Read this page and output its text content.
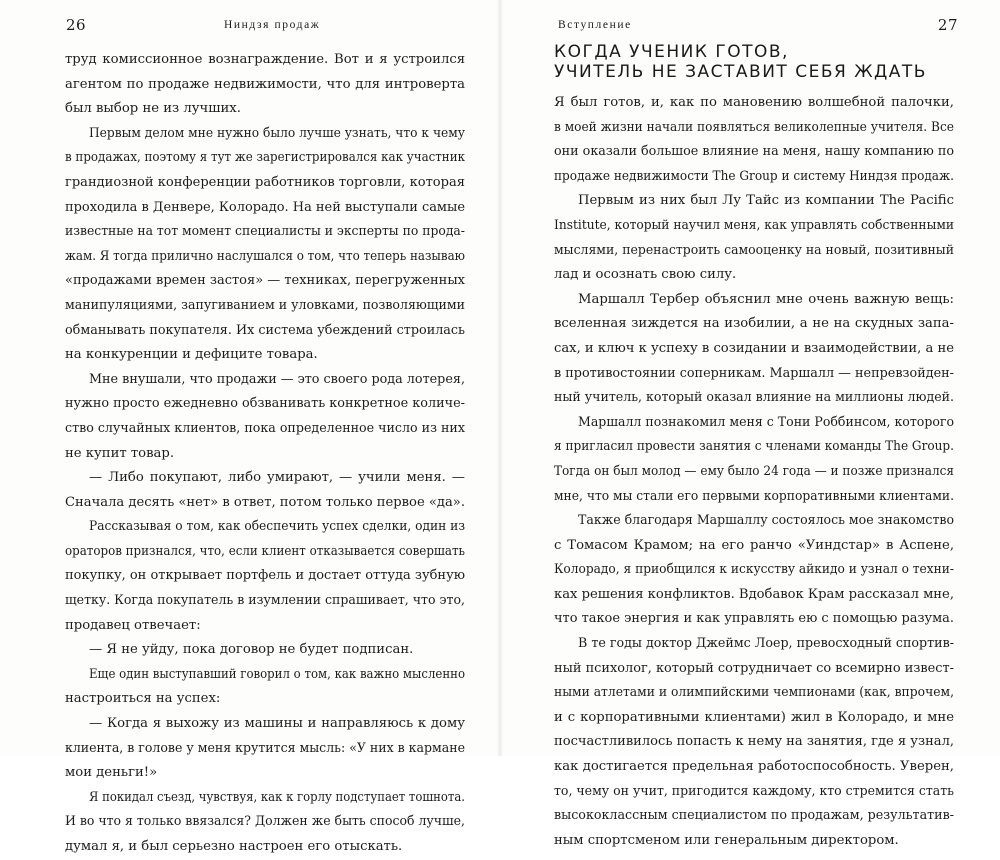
26	Ниндзя продаж
труд комиссионное вознаграждение. Вот и я устроился
агентом по продаже недвижимости, что для интроверта
был выбор не из лучших.
Первым делом мне нужно было лучше узнать, что к чему
в продажах, поэтому я тут же зарегистрировался как участник
грандиозной конференции работников торговли, которая
проходила в Денвере, Колорадо. На ней выступали самые
известные на тот момент специалисты и эксперты по прода-
жам. Я тогда прилично наслушался о том, что теперь называю
«продажами времен застоя» — техниках, перегруженных
манипуляциями, запугиванием и уловками, позволяющими
обманывать покупателя. Их система убеждений строилась
на конкуренции и дефиците товара.
Мне внушали, что продажи — это своего рода лотерея,
нужно просто ежедневно обзванивать конкретное количе-
ство случайных клиентов, пока определенное число из них
не купит товар.
— Либо покупают, либо умирают, — учили меня. —
Сначала десять «нет» в ответ, потом только первое «да».
Рассказывая о том, как обеспечить успех сделки, один из
ораторов признался, что, если клиент отказывается совершать
покупку, он открывает портфель и достает оттуда зубную
щетку. Когда покупатель в изумлении спрашивает, что это,
продавец отвечает:
— Я не уйду, пока договор не будет подписан.
Еще один выступавший говорил о том, как важно мысленно
настроиться на успех:
— Когда я выхожу из машины и направляюсь к дому
клиента, в голове у меня крутится мысль: «У них в кармане
мои деньги!»
Я покидал съезд, чувствуя, как к горлу подступает тошнота.
И во что я только ввязался? Должен же быть способ лучше,
думал я, и был серьезно настроен его отыскать.
Вступление	27
КОГДА УЧЕНИК ГОТОВ,
УЧИТЕЛЬ НЕ ЗАСТАВИТ СЕБЯ ЖДАТЬ
Я был готов, и, как по мановению волшебной палочки,
в моей жизни начали появляться великолепные учителя. Все
они оказали большое влияние на меня, нашу компанию по
продаже недвижимости The Group и систему Ниндзя продаж.
Первым из них был Лу Тайс из компании The Pacific
Institute, который научил меня, как управлять собственными
мыслями, перенастроить самооценку на новый, позитивный
лад и осознать свою силу.
Маршалл Тербер объяснил мне очень важную вещь:
вселенная зиждется на изобилии, а не на скудных запа-
сах, и ключ к успеху в созидании и взаимодействии, а не
в противостоянии соперникам. Маршалл — непревзойден-
ный учитель, который оказал влияние на миллионы людей.
Маршалл познакомил меня с Тони Роббинсом, которого
я пригласил провести занятия с членами команды The Group.
Тогда он был молод — ему было 24 года — и позже признался
мне, что мы стали его первыми корпоративными клиентами.
Также благодаря Маршаллу состоялось мое знакомство
с Томасом Крамом; на его ранчо «Уиндстар» в Аспене,
Колорадо, я приобщился к искусству айкидо и узнал о техни-
ках решения конфликтов. Вдобавок Крам рассказал мне,
что такое энергия и как управлять ею с помощью разума.
В те годы доктор Джеймс Лоер, превосходный спортив-
ный психолог, который сотрудничает со всемирно извест-
ными атлетами и олимпийскими чемпионами (как, впрочем,
и с корпоративными клиентами) жил в Колорадо, и мне
посчастливилось попасть к нему на занятия, где я узнал,
как достигается предельная работоспособность. Уверен,
то, чему он учит, пригодится каждому, кто стремится стать
высококлассным специалистом по продажам, результатив-
ным спортсменом или генеральным директором.
